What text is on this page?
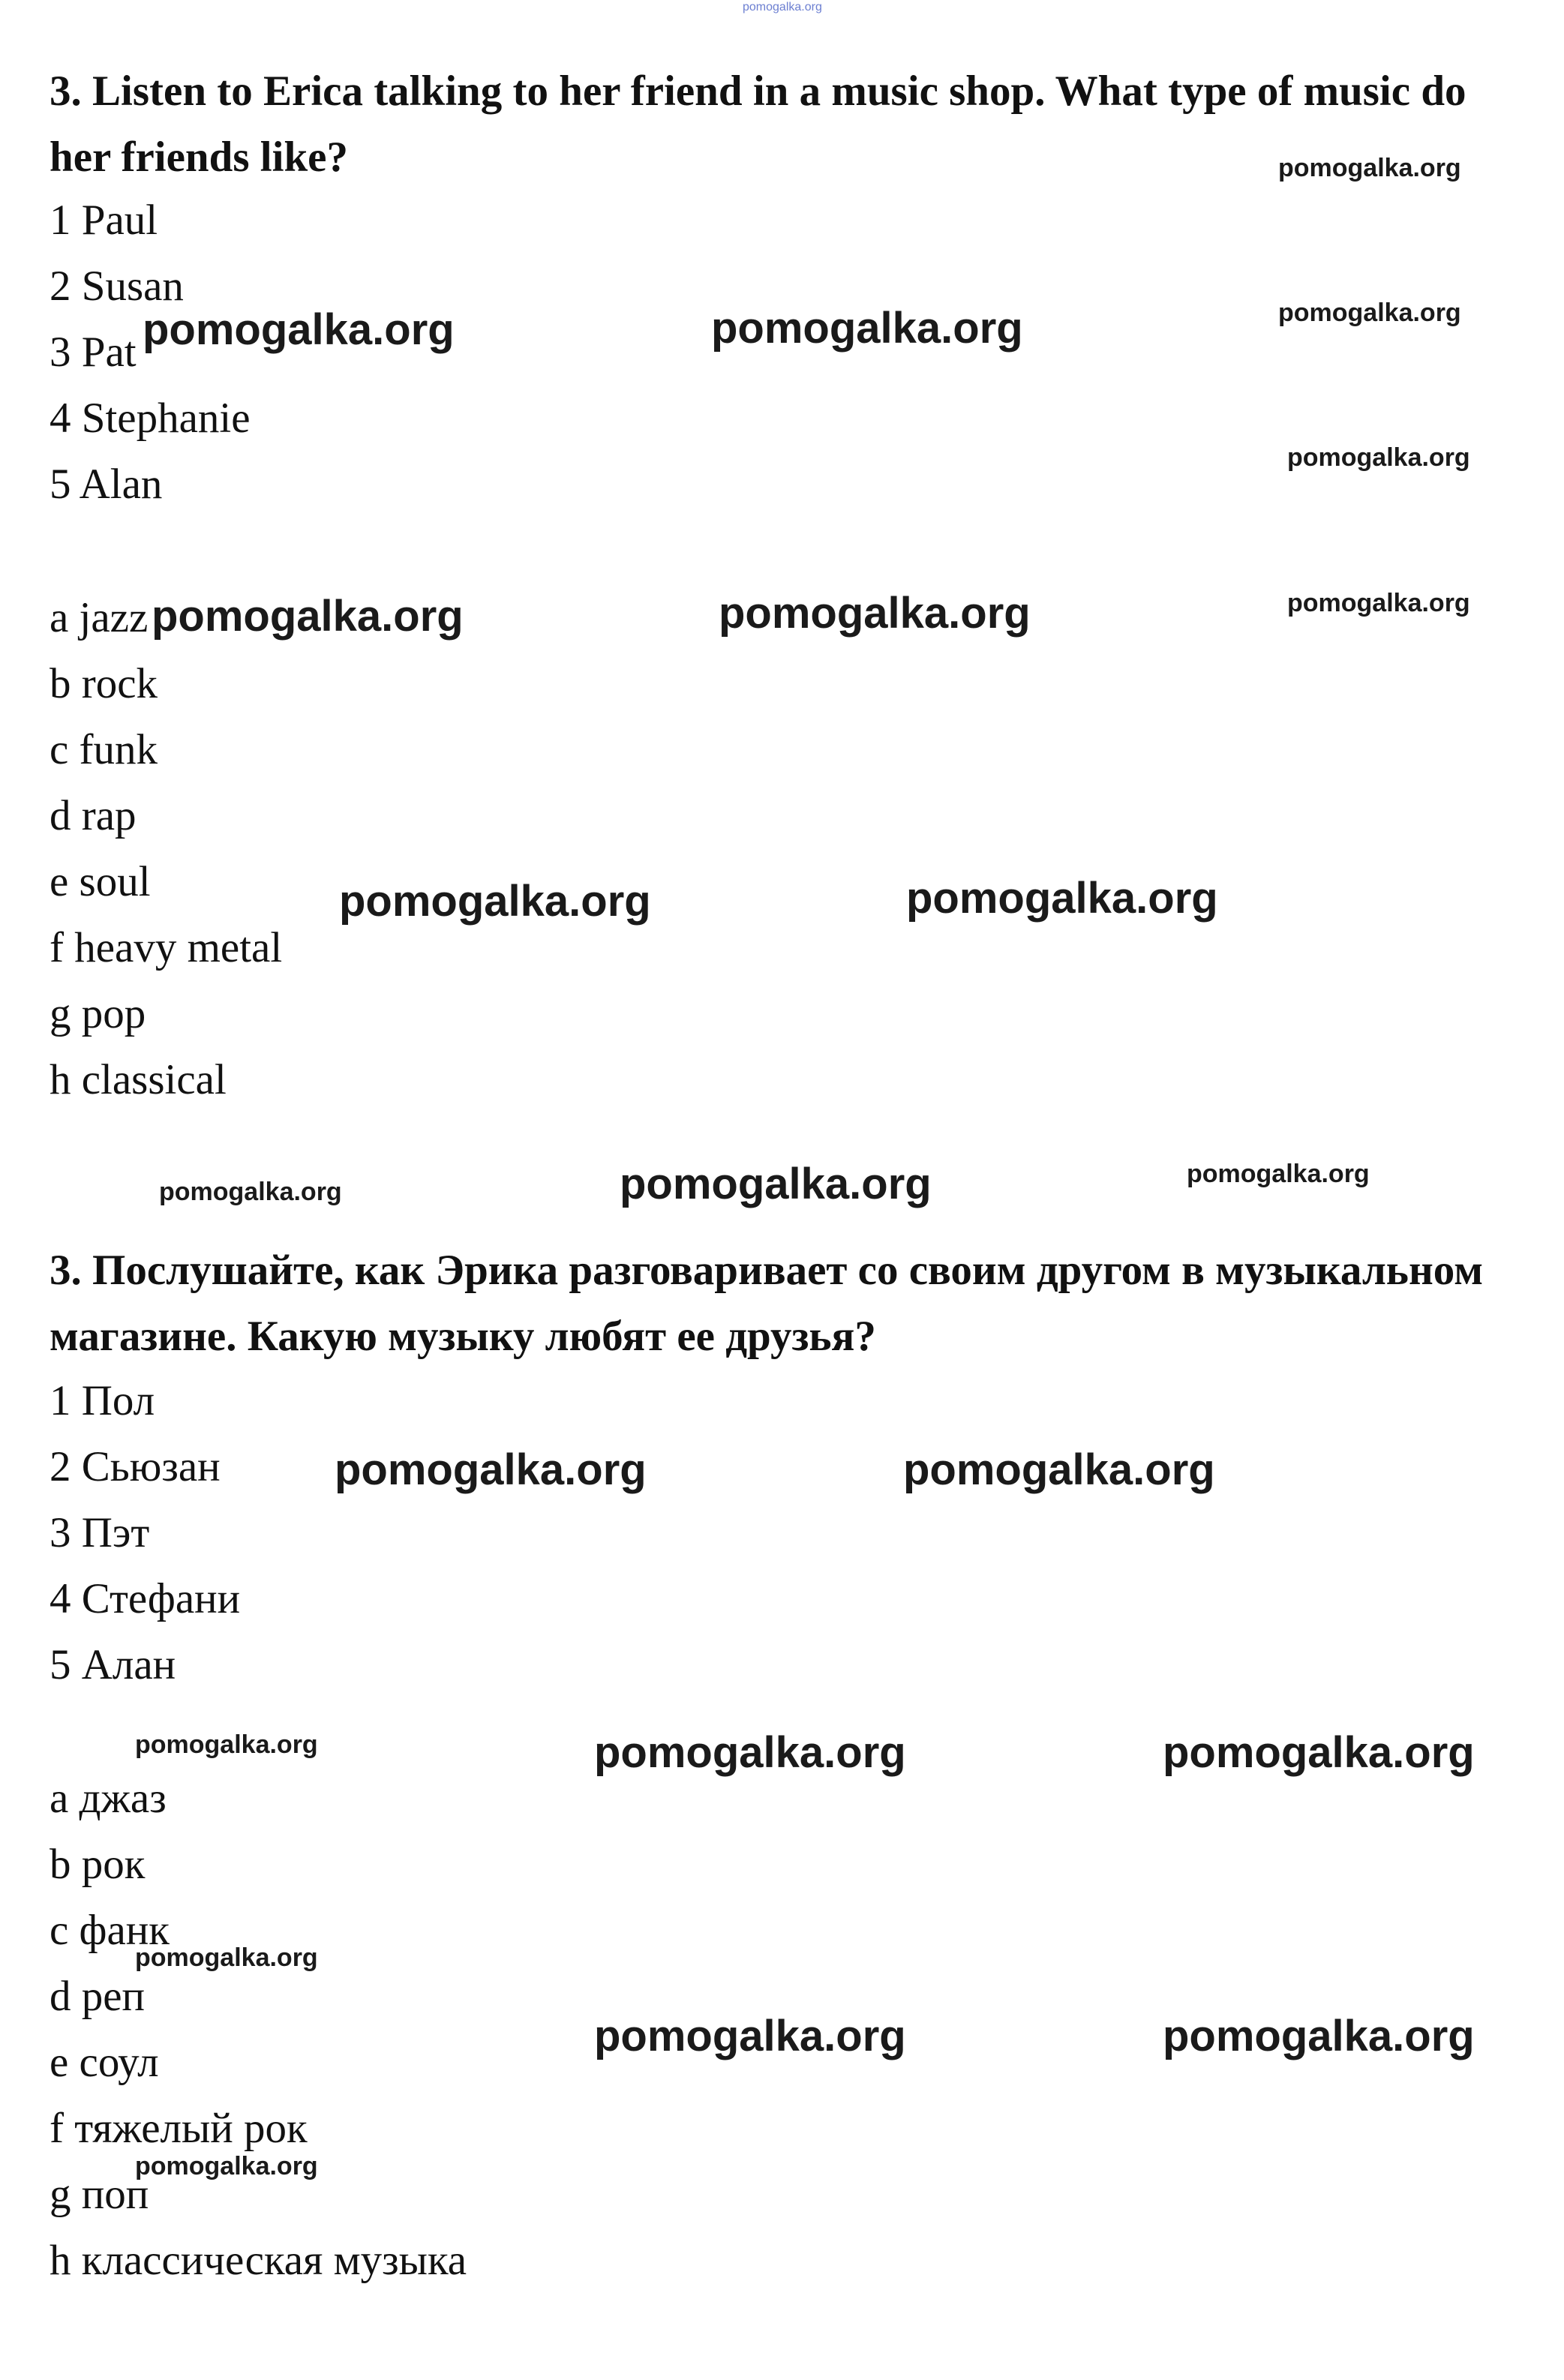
pomogalka.org
3. Listen to Erica talking to her friend in a music shop. What type of music do her friends like?
1 Paul
2 Susan
3 Pat
4 Stephanie
5 Alan
a jazz
b rock
c funk
d rap
e soul
f heavy metal
g pop
h classical
3. Послушайте, как Эрика разговаривает со своим другом в музыкальном магазине. Какую музыку любят ее друзья?
1 Пол
2 Сьюзан
3 Пэт
4 Стефани
5 Алан
a джаз
b рок
c фанк
d реп
e соул
f тяжелый рок
g поп
h классическая музыка
pomogalka.org
pomogalka.org	pomogalka.org	pomogalka.org
pomogalka.org
pomogalka.org	pomogalka.org	pomogalka.org
pomogalka.org	pomogalka.org
pomogalka.org	pomogalka.org	pomogalka.org
pomogalka.org	pomogalka.org
pomogalka.org	pomogalka.org	pomogalka.org
pomogalka.org
pomogalka.org	pomogalka.org
pomogalka.org
